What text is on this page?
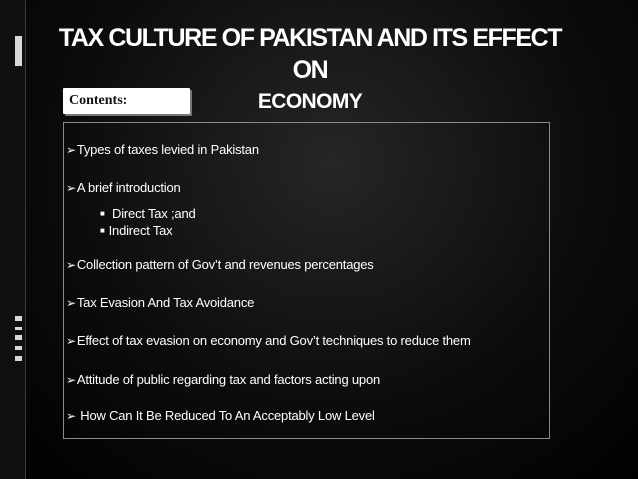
TAX CULTURE OF PAKISTAN AND ITS EFFECT ON
ECONOMY
Contents:
➢Types of taxes levied in Pakistan
➢A brief introduction
■ Direct Tax ;and
■ Indirect Tax
➢Collection pattern of Gov’t and revenues percentages
➢Tax Evasion And Tax Avoidance
➢Effect of tax evasion on economy and Gov’t techniques to reduce them
➢Attitude of public regarding tax and factors acting upon
➢ How Can It Be Reduced To An Acceptably Low Level
